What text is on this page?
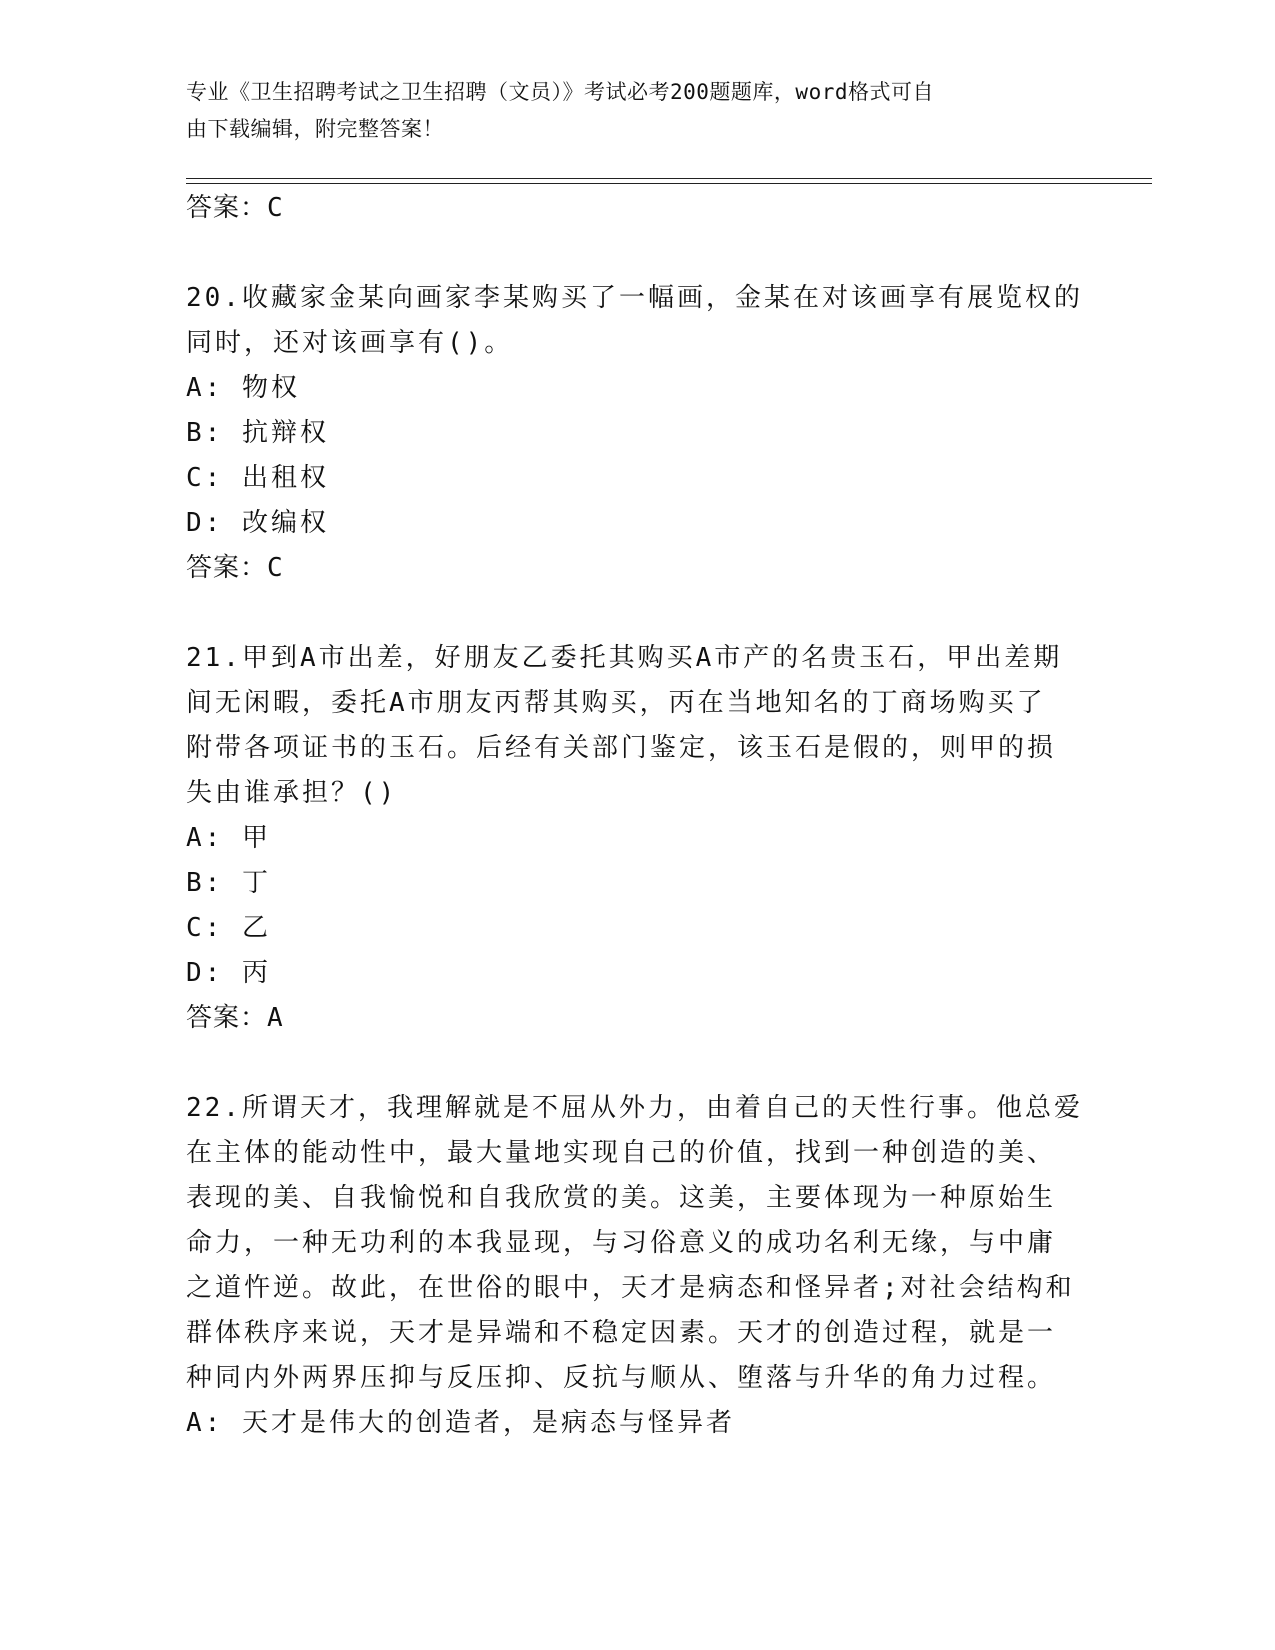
专业《卫生招聘考试之卫生招聘（文员）》考试必考200题题库，word格式可自
由下载编辑，附完整答案！
答案：C
20.收藏家金某向画家李某购买了一幅画，金某在对该画享有展览权的
同时，还对该画享有()。
A: 物权
B: 抗辩权
C: 出租权
D: 改编权
答案：C
21.甲到A市出差，好朋友乙委托其购买A市产的名贵玉石，甲出差期
间无闲暇，委托A市朋友丙帮其购买，丙在当地知名的丁商场购买了
附带各项证书的玉石。后经有关部门鉴定，该玉石是假的，则甲的损
失由谁承担？()
A: 甲
B: 丁
C: 乙
D: 丙
答案：A
22.所谓天才，我理解就是不屈从外力，由着自己的天性行事。他总爱
在主体的能动性中，最大量地实现自己的价值，找到一种创造的美、
表现的美、自我愉悦和自我欣赏的美。这美，主要体现为一种原始生
命力，一种无功利的本我显现，与习俗意义的成功名利无缘，与中庸
之道忤逆。故此，在世俗的眼中，天才是病态和怪异者;对社会结构和
群体秩序来说，天才是异端和不稳定因素。天才的创造过程，就是一
种同内外两界压抑与反压抑、反抗与顺从、堕落与升华的角力过程。
A: 天才是伟大的创造者，是病态与怪异者
